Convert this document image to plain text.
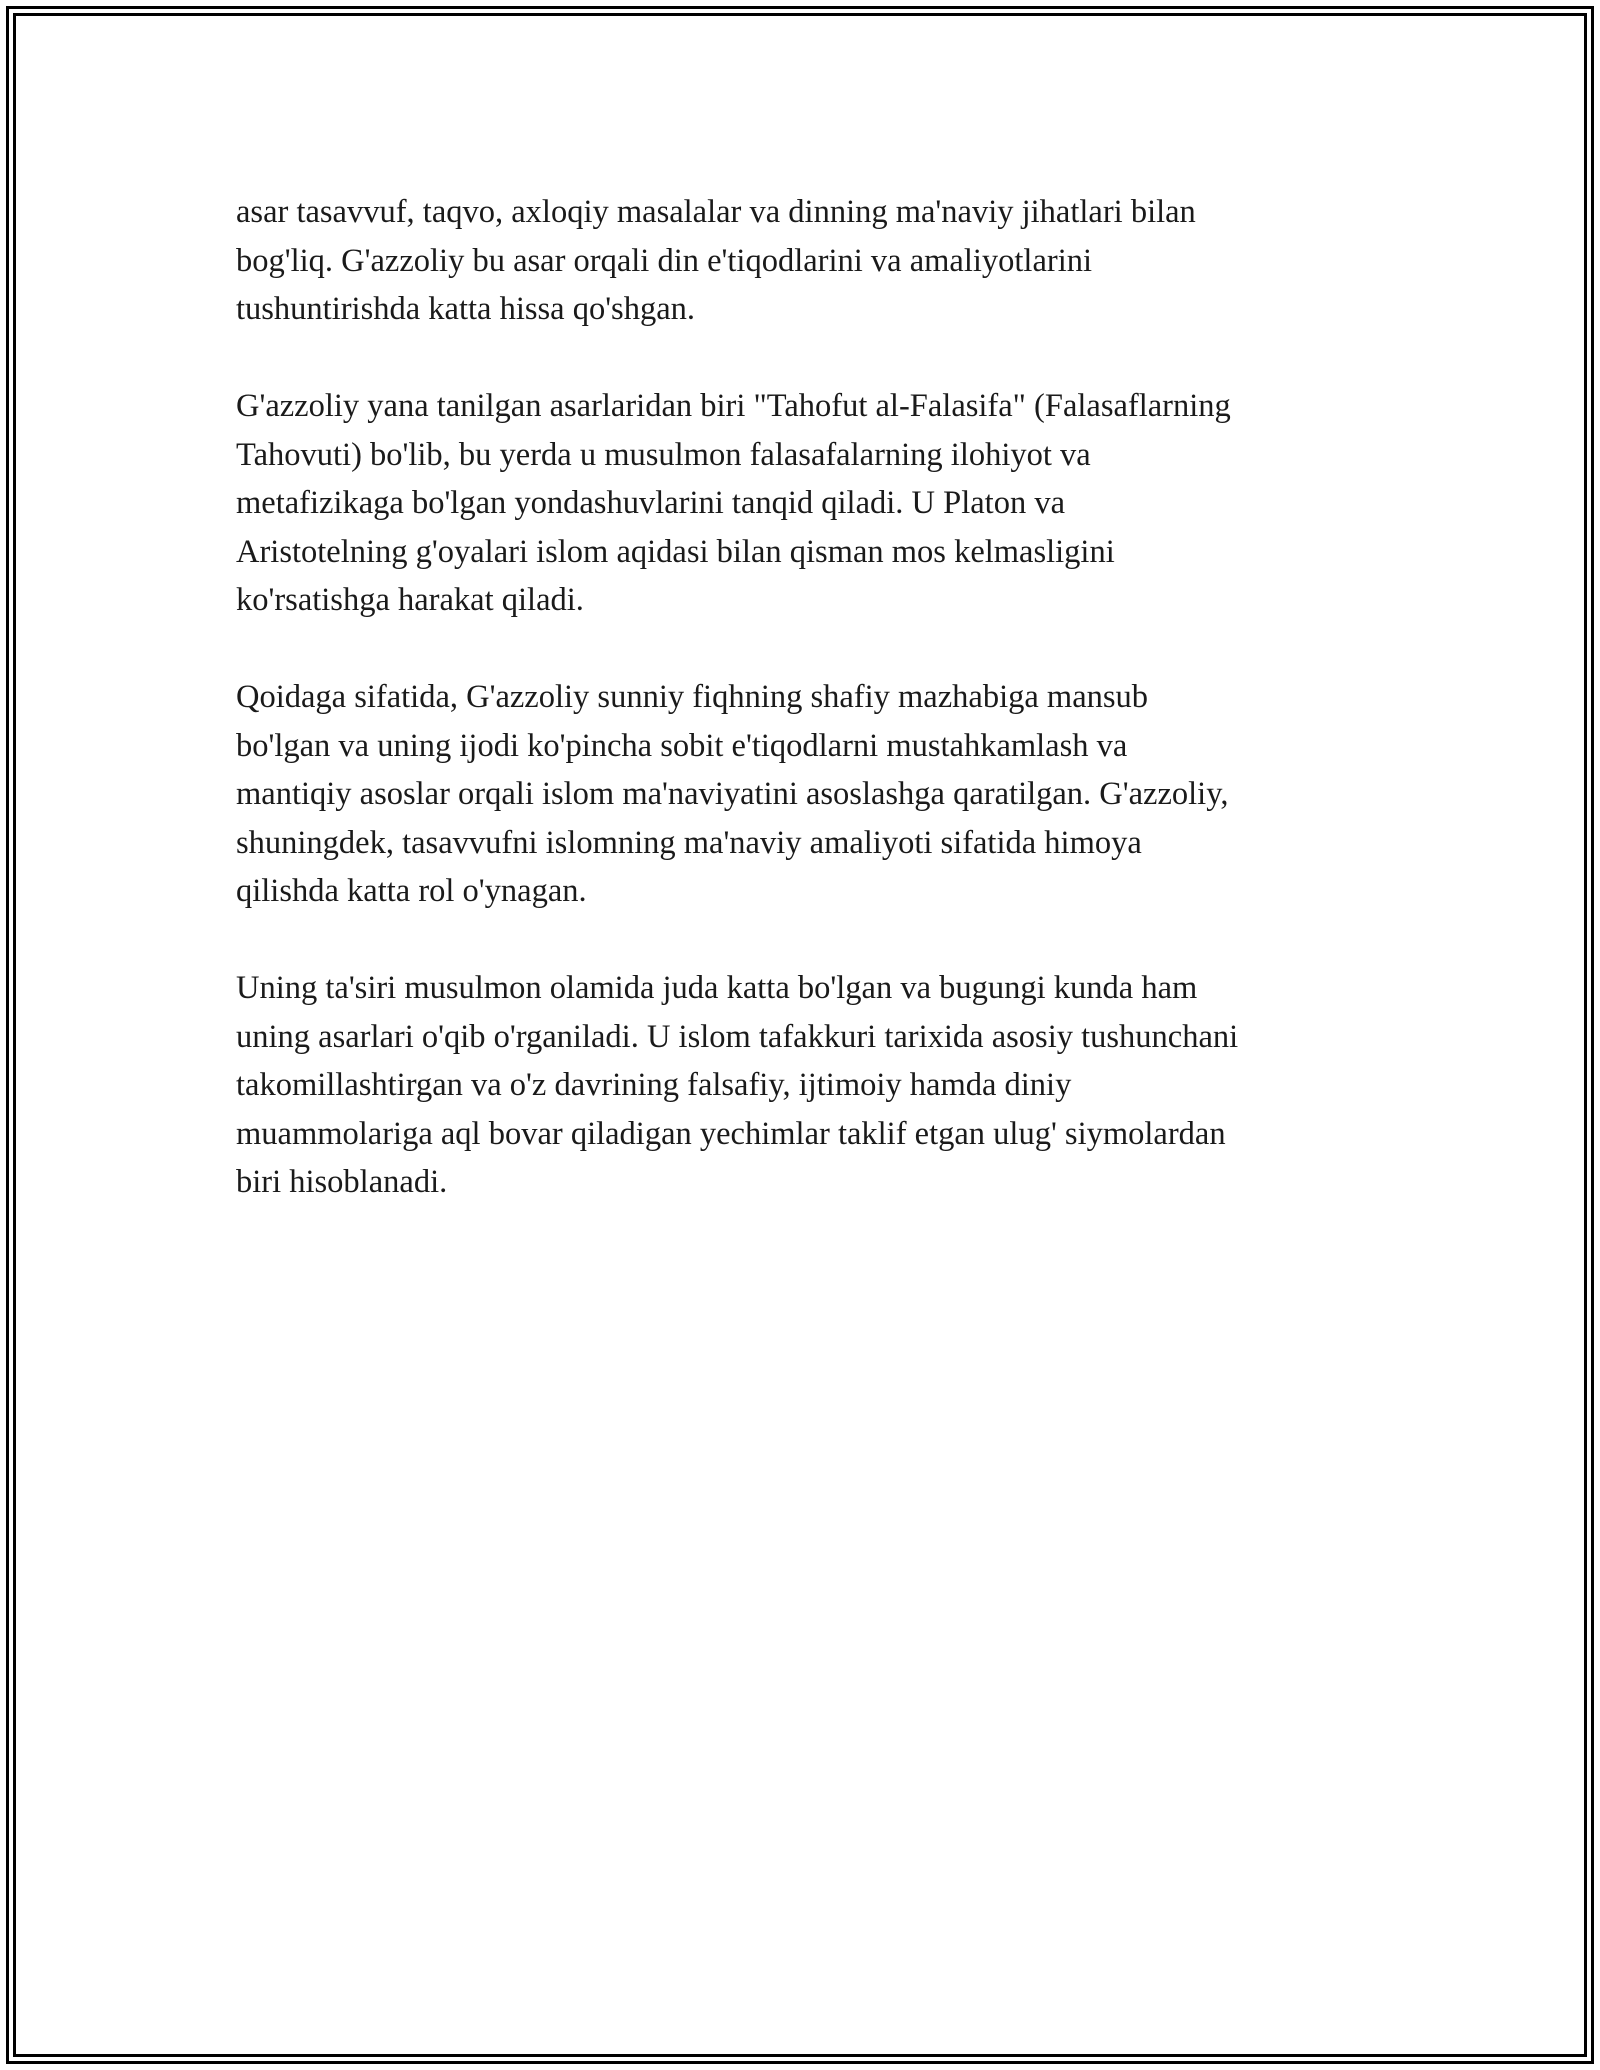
asar tasavvuf, taqvo, axloqiy masalalar va dinning ma'naviy jihatlari bilan
bog'liq. G'azzoliy bu asar orqali din e'tiqodlarini va amaliyotlarini
tushuntirishda katta hissa qo'shgan.

G'azzoliy yana tanilgan asarlaridan biri "Tahofut al-Falasifa" (Falasaflarning
Tahovuti) bo'lib, bu yerda u musulmon falasafalarning ilohiyot va
metafizikaga bo'lgan yondashuvlarini tanqid qiladi. U Platon va
Aristotelning g'oyalari islom aqidasi bilan qisman mos kelmasligini
ko'rsatishga harakat qiladi.

Qoidaga sifatida, G'azzoliy sunniy fiqhning shafiy mazhabiga mansub
bo'lgan va uning ijodi ko'pincha sobit e'tiqodlarni mustahkamlash va
mantiqiy asoslar orqali islom ma'naviyatini asoslashga qaratilgan. G'azzoliy,
shuningdek, tasavvufni islomning ma'naviy amaliyoti sifatida himoya
qilishda katta rol o'ynagan.

Uning ta'siri musulmon olamida juda katta bo'lgan va bugungi kunda ham
uning asarlari o'qib o'rganiladi. U islom tafakkuri tarixida asosiy tushunchani
takomillashtirgan va o'z davrining falsafiy, ijtimoiy hamda diniy
muammolariga aql bovar qiladigan yechimlar taklif etgan ulug' siymolardan
biri hisoblanadi.
